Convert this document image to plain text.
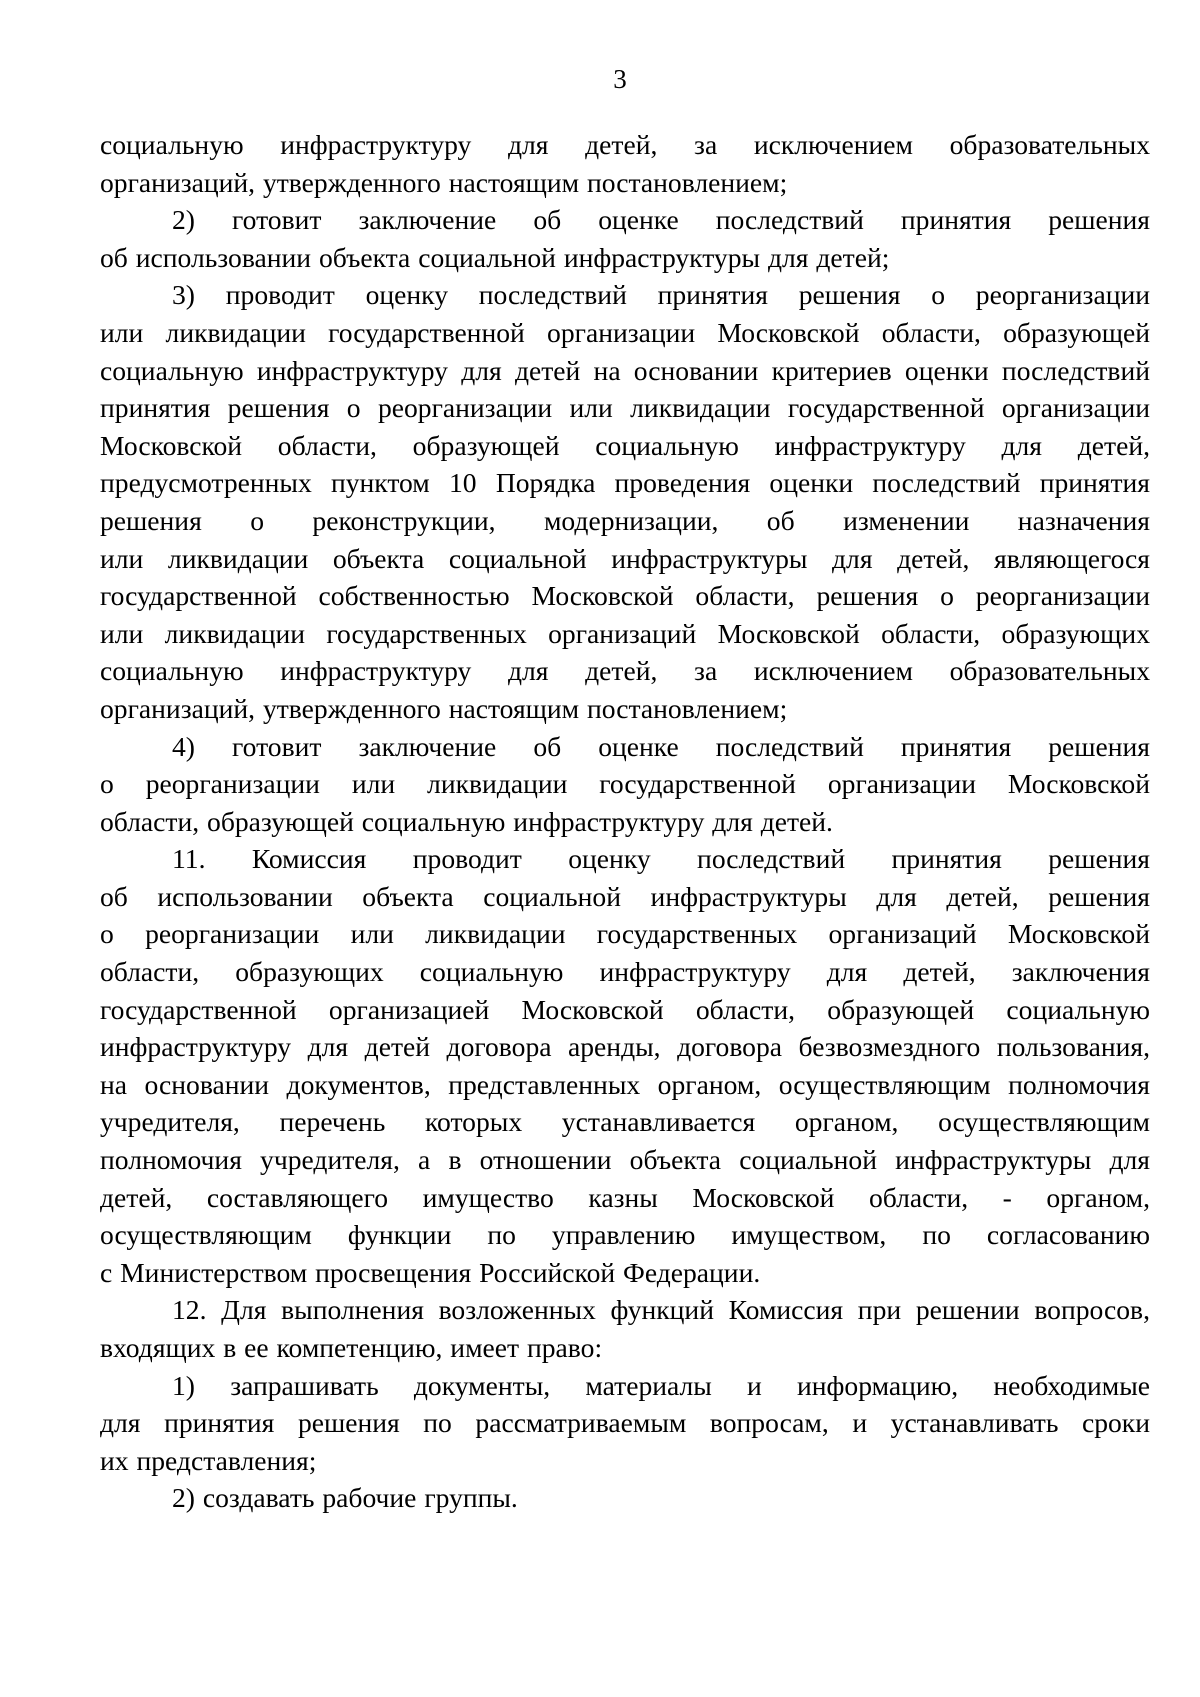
3

социальную инфраструктуру для детей, за исключением образовательных
организаций, утвержденного настоящим постановлением;

2) готовит заключение об оценке последствий принятия решения
об использовании объекта социальной инфраструктуры для детей;

3) проводит оценку последствий принятия решения о реорганизации
или ликвидации государственной организации Московской области, образующей
социальную инфраструктуру для детей на основании критериев оценки последствий
принятия решения о реорганизации или ликвидации государственной организации
Московской области, образующей социальную инфраструктуру для детей,
предусмотренных пунктом 10 Порядка проведения оценки последствий принятия
решения о реконструкции, модернизации, об изменении назначения
или ликвидации объекта социальной инфраструктуры для детей, являющегося
государственной собственностью Московской области, решения о реорганизации
или ликвидации государственных организаций Московской области, образующих
социальную инфраструктуру для детей, за исключением образовательных
организаций, утвержденного настоящим постановлением;

4) готовит заключение об оценке последствий принятия решения
о реорганизации или ликвидации государственной организации Московской
области, образующей социальную инфраструктуру для детей.

11. Комиссия проводит оценку последствий принятия решения
об использовании объекта социальной инфраструктуры для детей, решения
о реорганизации или ликвидации государственных организаций Московской
области, образующих социальную инфраструктуру для детей, заключения
государственной организацией Московской области, образующей социальную
инфраструктуру для детей договора аренды, договора безвозмездного пользования,
на основании документов, представленных органом, осуществляющим полномочия
учредителя, перечень которых устанавливается органом, осуществляющим
полномочия учредителя, а в отношении объекта социальной инфраструктуры для
детей, составляющего имущество казны Московской области, - органом,
осуществляющим функции по управлению имуществом, по согласованию
с Министерством просвещения Российской Федерации.

12. Для выполнения возложенных функций Комиссия при решении вопросов,
входящих в ее компетенцию, имеет право:

1) запрашивать документы, материалы и информацию, необходимые
для принятия решения по рассматриваемым вопросам, и устанавливать сроки
их представления;

2) создавать рабочие группы.
